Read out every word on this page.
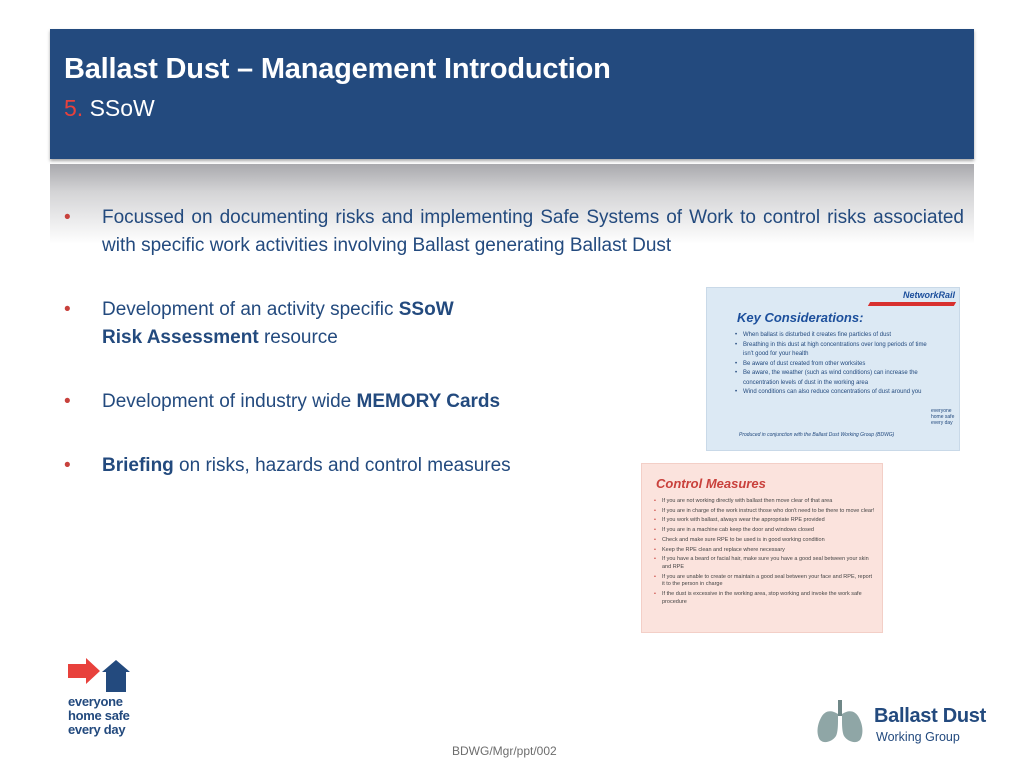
Ballast Dust – Management Introduction
5. SSoW
• Focussed on documenting risks and implementing Safe Systems of Work to control risks associated with specific work activities involving Ballast generating Ballast Dust
• Development of an activity specific SSoW
Risk Assessment resource
• Development of industry wide MEMORY Cards
• Briefing on risks, hazards and control measures
NetworkRail
Key Considerations:
• When ballast is disturbed it creates fine particles of dust
• Breathing in this dust at high concentrations over long periods of time isn't good for your health
• Be aware of dust created from other worksites
• Be aware, the weather (such as wind conditions) can increase the concentration levels of dust in the working area
• Wind conditions can also reduce concentrations of dust around you
Produced in conjunction with the Ballast Dust Working Group (BDWG)
everyone home safe every day
Control Measures
• If you are not working directly with ballast then move clear of that area
• If you are in charge of the work instruct those who don't need to be there to move clear!
• If you work with ballast, always wear the appropriate RPE provided
• If you are in a machine cab keep the door and windows closed
• Check and make sure RPE to be used is in good working condition
• Keep the RPE clean and replace where necessary
• If you have a beard or facial hair, make sure you have a good seal between your skin and RPE
• If you are unable to create or maintain a good seal between your face and RPE, report it to the person in charge
• If the dust is excessive in the working area, stop working and invoke the work safe procedure
everyone
home safe
every day
BDWG/Mgr/ppt/002
Ballast Dust
Working Group
